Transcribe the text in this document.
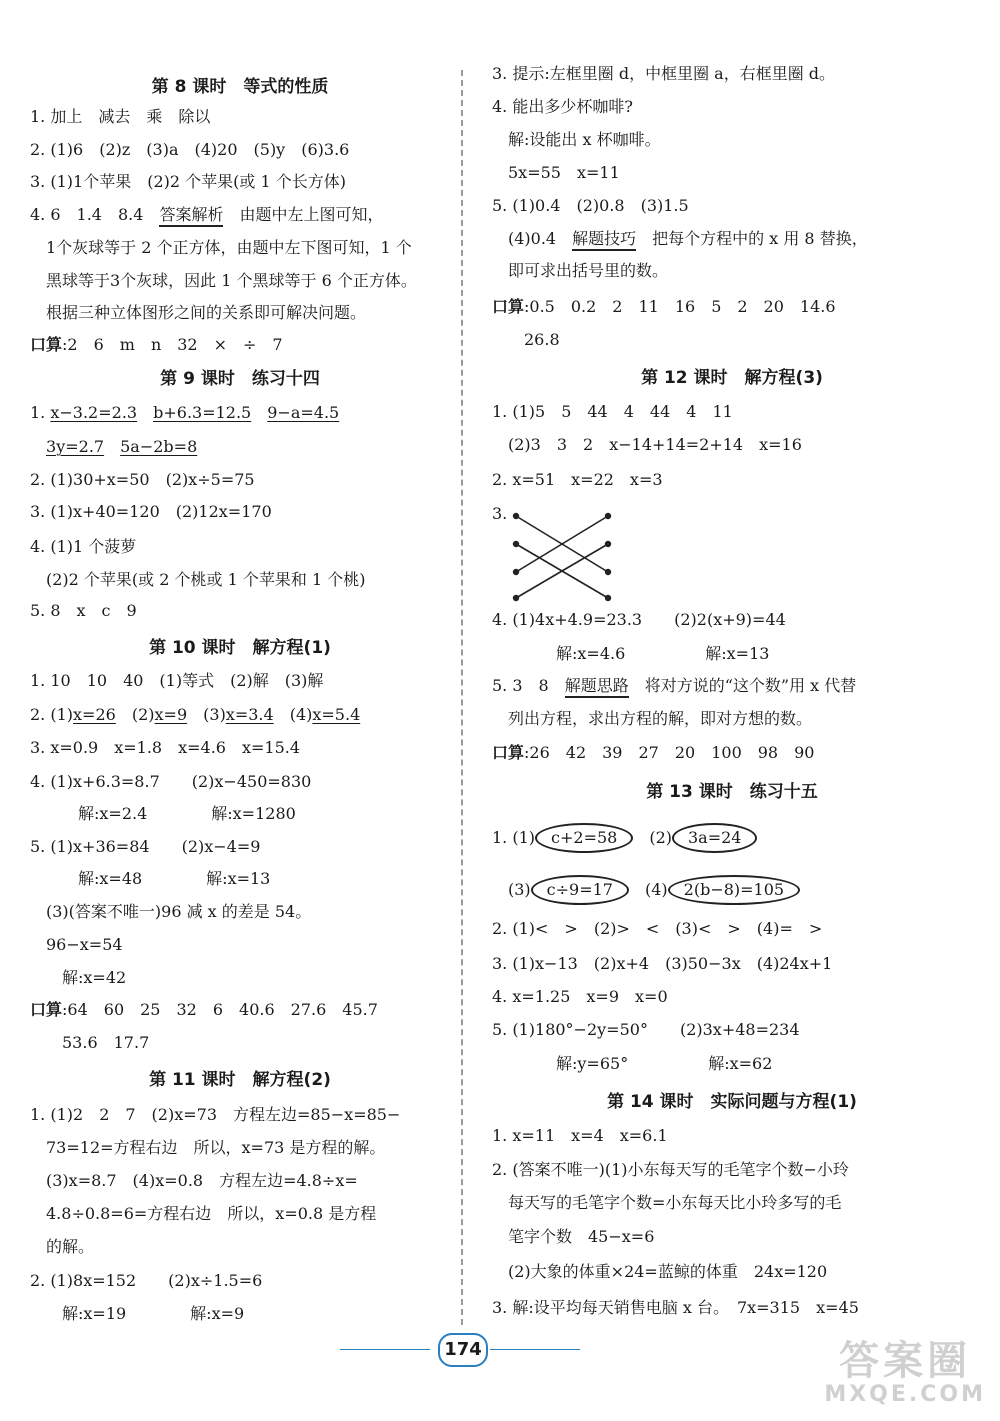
第 8 课时　等式的性质
1. 加上　减去　乘　除以
2. (1)6　(2)z　(3)a　(4)20　(5)y　(6)3.6
3. (1)1个苹果　(2)2 个苹果(或 1 个长方体)
4. 6　1.4　8.4　答案解析　由题中左上图可知，
　1个灰球等于 2 个正方体，由题中左下图可知，1 个
　黑球等于3个灰球，因此 1 个黑球等于 6 个正方体。
　根据三种立体图形之间的关系即可解决问题。
口算:2　6　m　n　32　×　÷　7
第 9 课时　练习十四
1. x−3.2=2.3　 b+6.3=12.5　 9−a=4.5
　3y=2.7　 5a−2b=8
2. (1)30+x=50　(2)x÷5=75
3. (1)x+40=120　(2)12x=170
4. (1)1 个菠萝
　(2)2 个苹果(或 2 个桃或 1 个苹果和 1 个桃)
5. 8　x　c　9
第 10 课时　解方程(1)
1. 10　10　40　(1)等式　(2)解　(3)解
2. (1)x=26　 (2)x=9　 (3)x=3.4　 (4)x=5.4　
3. x=0.9　x=1.8　x=4.6　x=15.4
4. (1)x+6.3=8.7　　(2)x−450=830
　　　解:x=2.4　　　　解:x=1280
5. (1)x+36=84　　(2)x−4=9
　　　解:x=48　　　　解:x=13
　(3)(答案不唯一)96 减 x 的差是 54。
　96−x=54
　　解:x=42
口算:64　60　25　32　6　40.6　27.6　45.7
　　53.6　17.7
第 11 课时　解方程(2)
1. (1)2　2　7　(2)x=73　方程左边=85−x=85−
　73=12=方程右边　所以，x=73 是方程的解。
　(3)x=8.7　(4)x=0.8　方程左边=4.8÷x=
　4.8÷0.8=6=方程右边　所以，x=0.8 是方程
　的解。
2. (1)8x=152　　(2)x÷1.5=6
　　解:x=19　　　　解:x=9
3. 提示:左框里圈 d，中框里圈 a，右框里圈 d。
4. 能出多少杯咖啡?
　解:设能出 x 杯咖啡。
　5x=55　x=11
5. (1)0.4　(2)0.8　(3)1.5
　(4)0.4　解题技巧　把每个方程中的 x 用 8 替换，
　即可求出括号里的数。
口算:0.5　0.2　2　11　16　5　2　20　14.6
　　26.8
第 12 课时　解方程(3)
1. (1)5　5　44　4　44　4　11
　(2)3　3　2　x−14+14=2+14　x=16
2. x=51　x=22　x=3
3.
4. (1)4x+4.9=23.3　　(2)2(x+9)=44
　　　　解:x=4.6　　　　　解:x=13
5. 3　8　解题思路　将对方说的“这个数”用 x 代替
　列出方程，求出方程的解，即对方想的数。
口算:26　42　39　27　20　100　98　90
第 13 课时　练习十五
1. (1) c+2=58　(2) 3a=24
　(3) c÷9=17　(4) 2(b−8)=105
2. (1)<　>　(2)>　<　(3)<　>　(4)=　>
3. (1)x−13　(2)x+4　(3)50−3x　(4)24x+1
4. x=1.25　x=9　x=0
5. (1)180°−2y=50°　　(2)3x+48=234
　　　　解:y=65°　　　　　解:x=62
第 14 课时　实际问题与方程(1)
1. x=11　x=4　x=6.1
2. (答案不唯一)(1)小东每天写的毛笔字个数−小玲
　每天写的毛笔字个数=小东每天比小玲多写的毛
　笔字个数　45−x=6
　(2)大象的体重×24=蓝鲸的体重　24x=120
3. 解:设平均每天销售电脑 x 台。　7x=315　x=45
174	答案圈
MXQE.COM
